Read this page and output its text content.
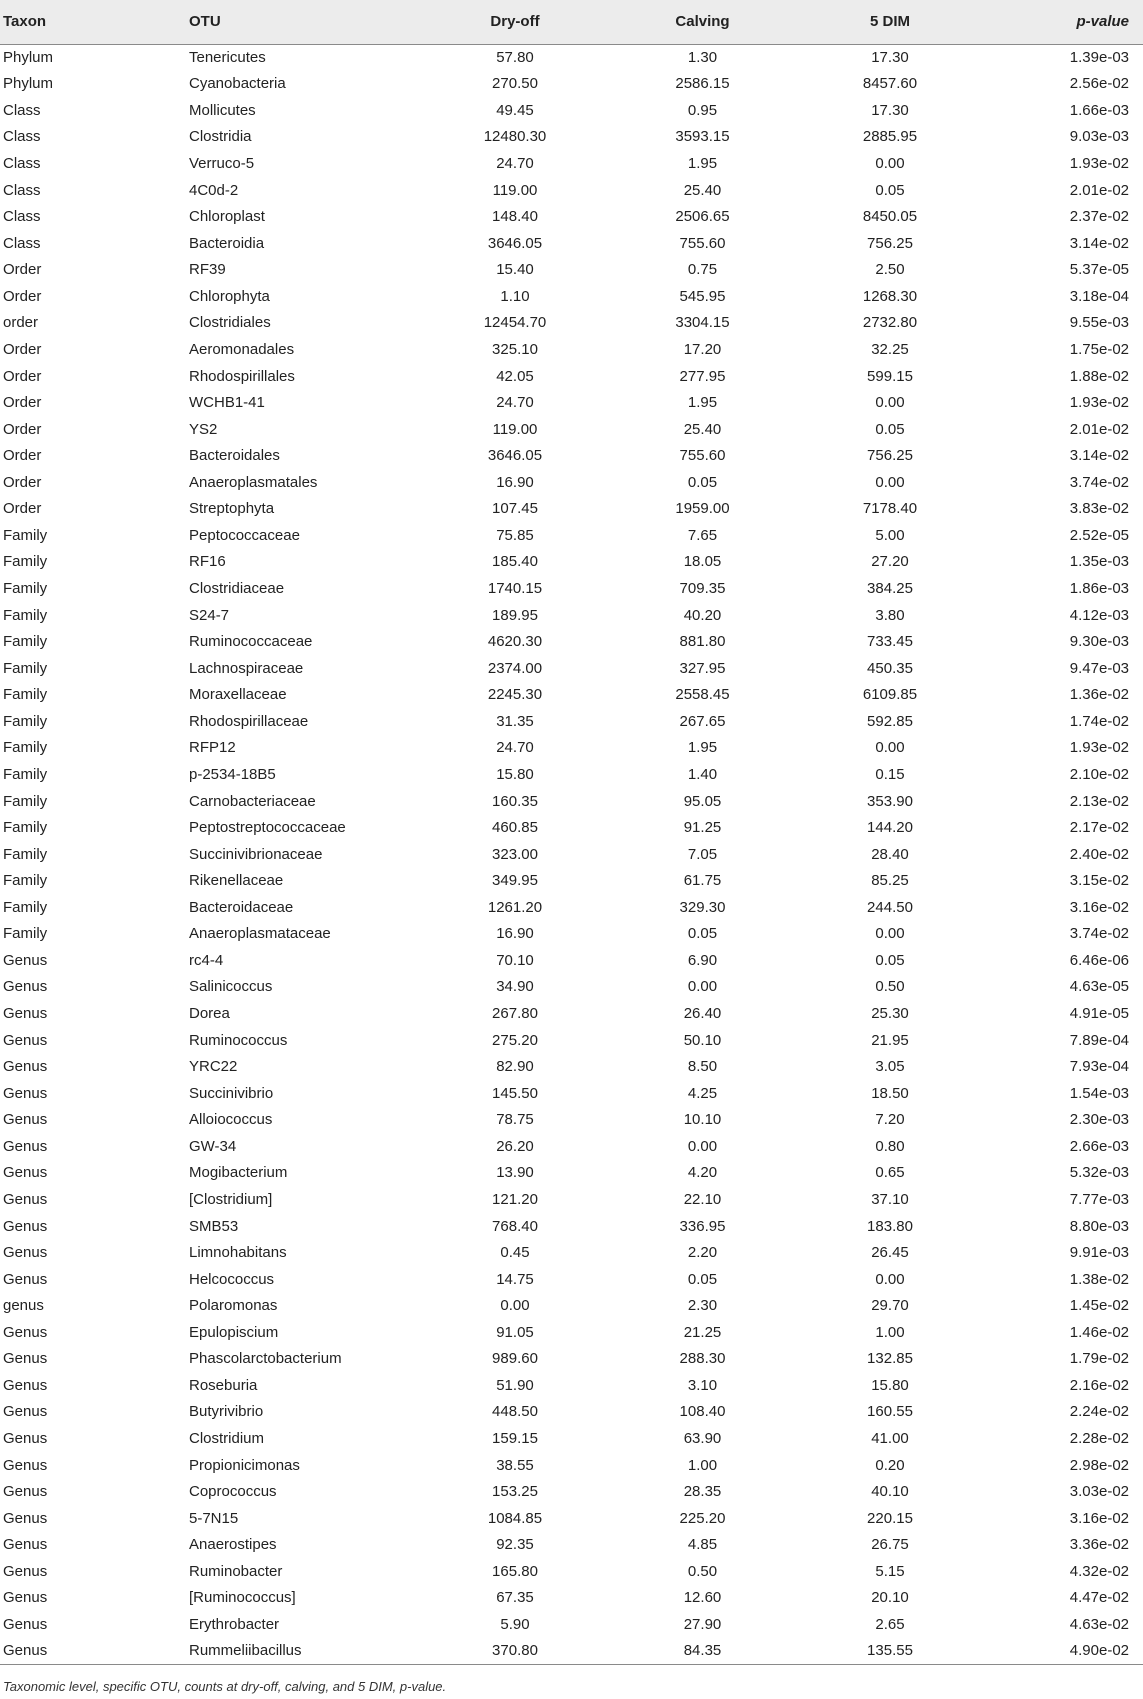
Taxon	OTU	Dry-off	Calving	5 DIM	p-value
Phylum	Tenericutes	57.80	1.30	17.30	1.39e-03
Phylum	Cyanobacteria	270.50	2586.15	8457.60	2.56e-02
Class	Mollicutes	49.45	0.95	17.30	1.66e-03
Class	Clostridia	12480.30	3593.15	2885.95	9.03e-03
Class	Verruco-5	24.70	1.95	0.00	1.93e-02
Class	4C0d-2	119.00	25.40	0.05	2.01e-02
Class	Chloroplast	148.40	2506.65	8450.05	2.37e-02
Class	Bacteroidia	3646.05	755.60	756.25	3.14e-02
Order	RF39	15.40	0.75	2.50	5.37e-05
Order	Chlorophyta	1.10	545.95	1268.30	3.18e-04
order	Clostridiales	12454.70	3304.15	2732.80	9.55e-03
Order	Aeromonadales	325.10	17.20	32.25	1.75e-02
Order	Rhodospirillales	42.05	277.95	599.15	1.88e-02
Order	WCHB1-41	24.70	1.95	0.00	1.93e-02
Order	YS2	119.00	25.40	0.05	2.01e-02
Order	Bacteroidales	3646.05	755.60	756.25	3.14e-02
Order	Anaeroplasmatales	16.90	0.05	0.00	3.74e-02
Order	Streptophyta	107.45	1959.00	7178.40	3.83e-02
Family	Peptococcaceae	75.85	7.65	5.00	2.52e-05
Family	RF16	185.40	18.05	27.20	1.35e-03
Family	Clostridiaceae	1740.15	709.35	384.25	1.86e-03
Family	S24-7	189.95	40.20	3.80	4.12e-03
Family	Ruminococcaceae	4620.30	881.80	733.45	9.30e-03
Family	Lachnospiraceae	2374.00	327.95	450.35	9.47e-03
Family	Moraxellaceae	2245.30	2558.45	6109.85	1.36e-02
Family	Rhodospirillaceae	31.35	267.65	592.85	1.74e-02
Family	RFP12	24.70	1.95	0.00	1.93e-02
Family	p-2534-18B5	15.80	1.40	0.15	2.10e-02
Family	Carnobacteriaceae	160.35	95.05	353.90	2.13e-02
Family	Peptostreptococcaceae	460.85	91.25	144.20	2.17e-02
Family	Succinivibrionaceae	323.00	7.05	28.40	2.40e-02
Family	Rikenellaceae	349.95	61.75	85.25	3.15e-02
Family	Bacteroidaceae	1261.20	329.30	244.50	3.16e-02
Family	Anaeroplasmataceae	16.90	0.05	0.00	3.74e-02
Genus	rc4-4	70.10	6.90	0.05	6.46e-06
Genus	Salinicoccus	34.90	0.00	0.50	4.63e-05
Genus	Dorea	267.80	26.40	25.30	4.91e-05
Genus	Ruminococcus	275.20	50.10	21.95	7.89e-04
Genus	YRC22	82.90	8.50	3.05	7.93e-04
Genus	Succinivibrio	145.50	4.25	18.50	1.54e-03
Genus	Alloiococcus	78.75	10.10	7.20	2.30e-03
Genus	GW-34	26.20	0.00	0.80	2.66e-03
Genus	Mogibacterium	13.90	4.20	0.65	5.32e-03
Genus	[Clostridium]	121.20	22.10	37.10	7.77e-03
Genus	SMB53	768.40	336.95	183.80	8.80e-03
Genus	Limnohabitans	0.45	2.20	26.45	9.91e-03
Genus	Helcococcus	14.75	0.05	0.00	1.38e-02
genus	Polaromonas	0.00	2.30	29.70	1.45e-02
Genus	Epulopiscium	91.05	21.25	1.00	1.46e-02
Genus	Phascolarctobacterium	989.60	288.30	132.85	1.79e-02
Genus	Roseburia	51.90	3.10	15.80	2.16e-02
Genus	Butyrivibrio	448.50	108.40	160.55	2.24e-02
Genus	Clostridium	159.15	63.90	41.00	2.28e-02
Genus	Propionicimonas	38.55	1.00	0.20	2.98e-02
Genus	Coprococcus	153.25	28.35	40.10	3.03e-02
Genus	5-7N15	1084.85	225.20	220.15	3.16e-02
Genus	Anaerostipes	92.35	4.85	26.75	3.36e-02
Genus	Ruminobacter	165.80	0.50	5.15	4.32e-02
Genus	[Ruminococcus]	67.35	12.60	20.10	4.47e-02
Genus	Erythrobacter	5.90	27.90	2.65	4.63e-02
Genus	Rummeliibacillus	370.80	84.35	135.55	4.90e-02

Taxonomic level, specific OTU, counts at dry-off, calving, and 5 DIM, p-value.
